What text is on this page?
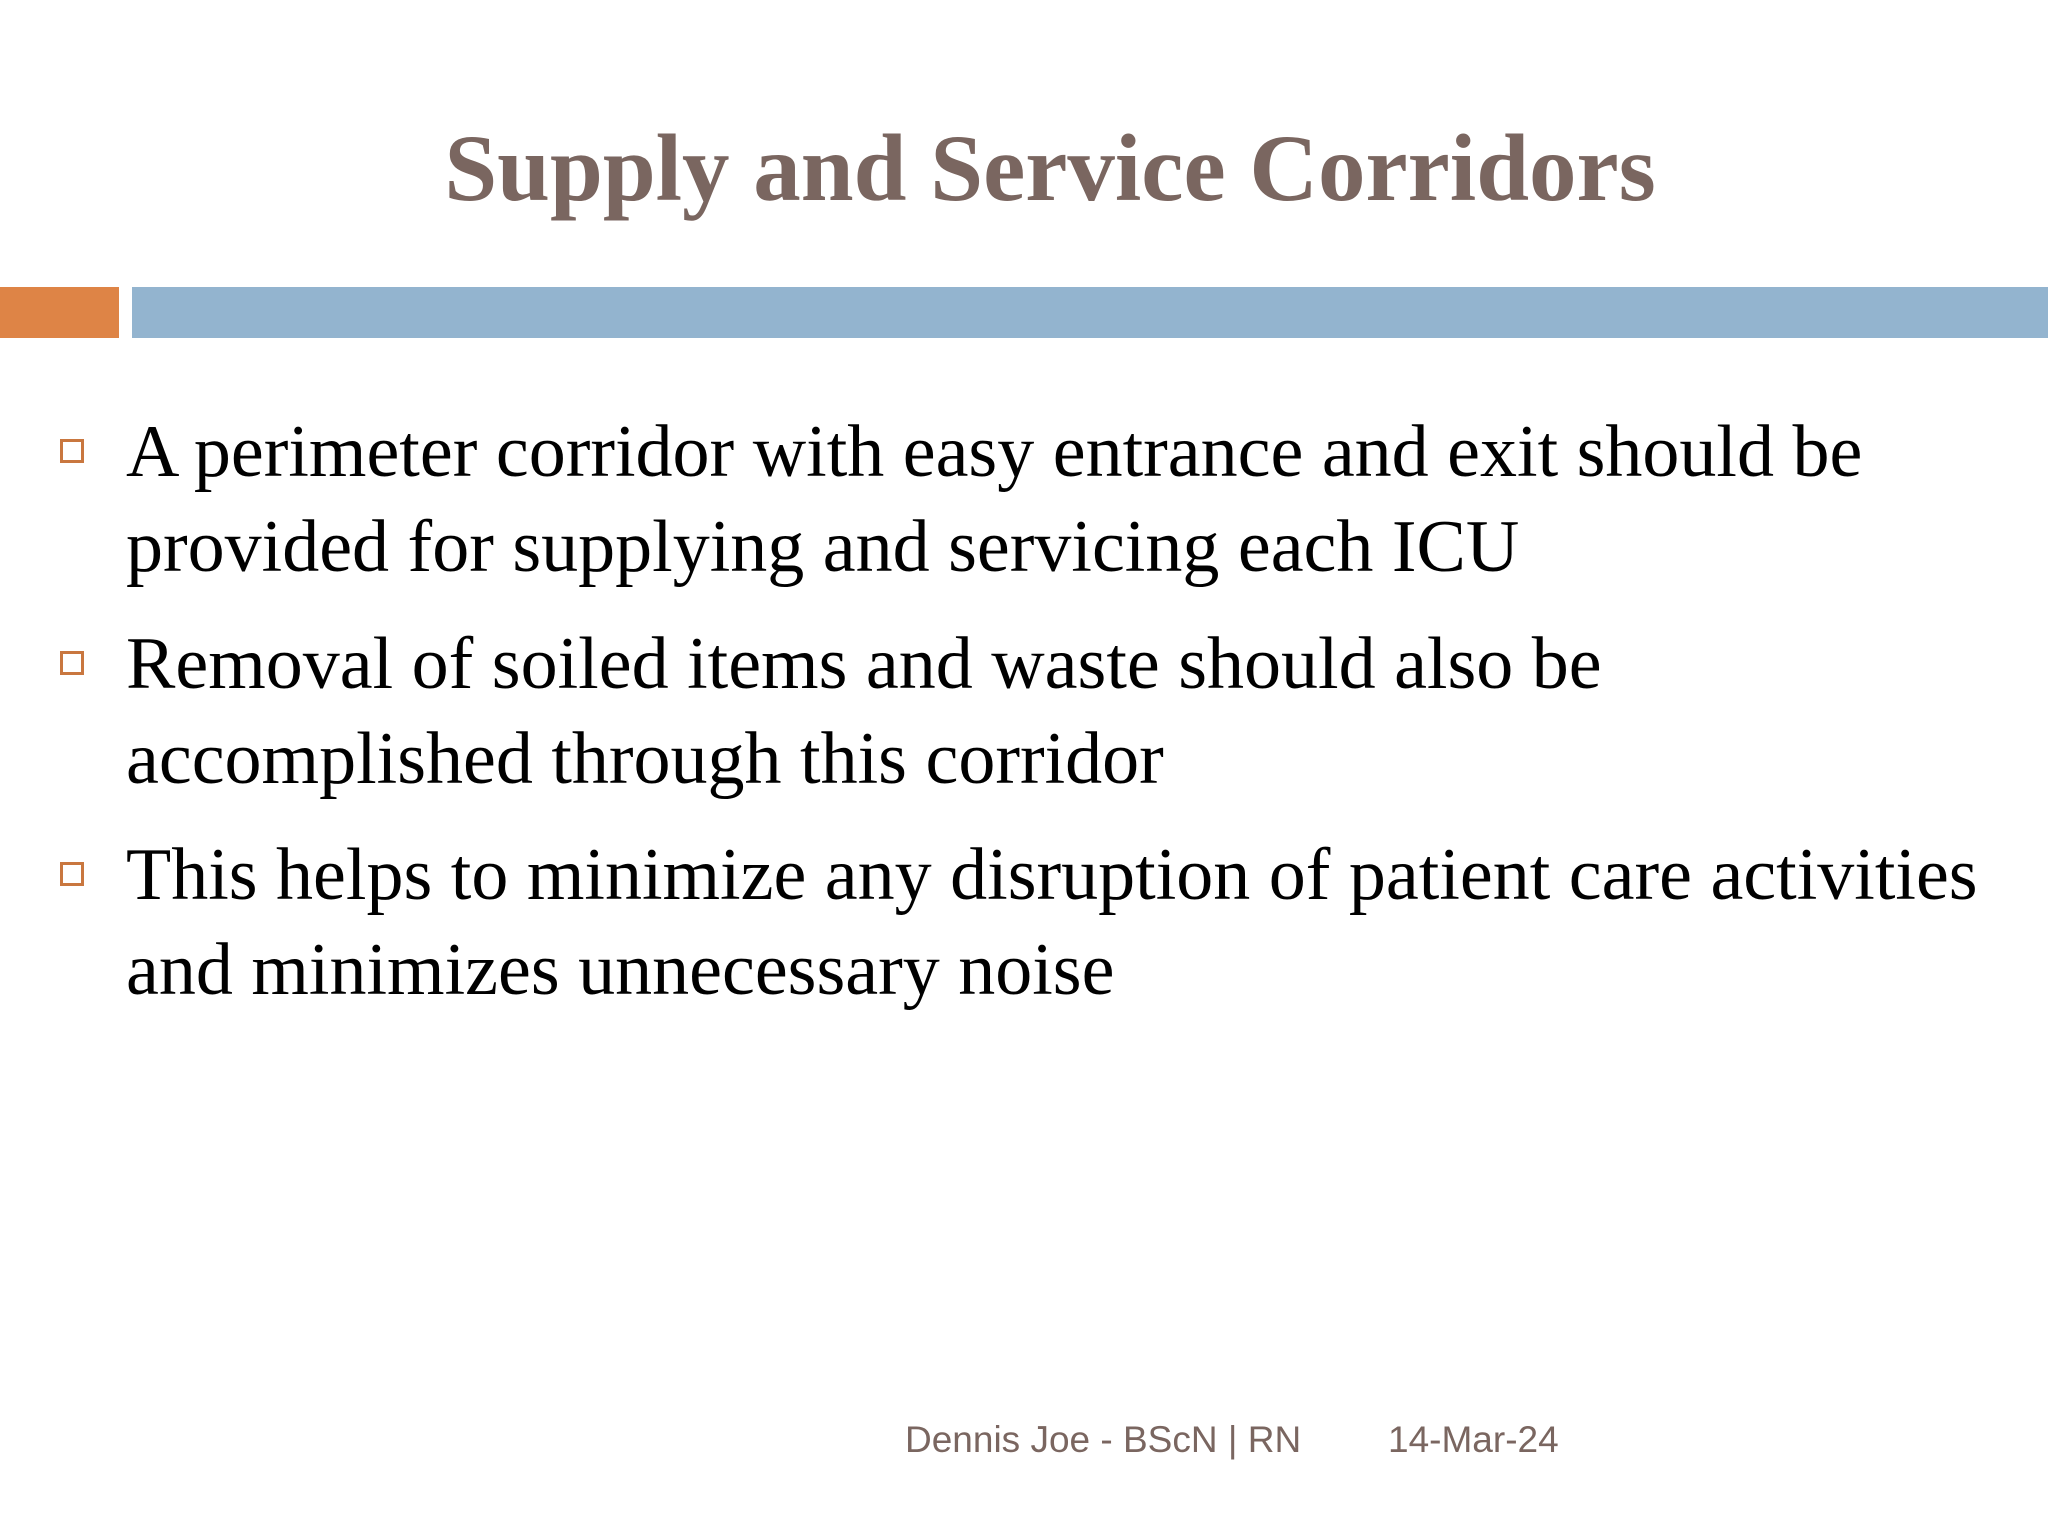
Supply and Service Corridors
A perimeter corridor with easy entrance and exit should be provided for supplying and servicing each ICU
Removal of soiled items and waste should also be accomplished through this corridor
This helps to minimize any disruption of patient care activities and minimizes unnecessary noise
Dennis Joe - BScN | RN 14-Mar-24
